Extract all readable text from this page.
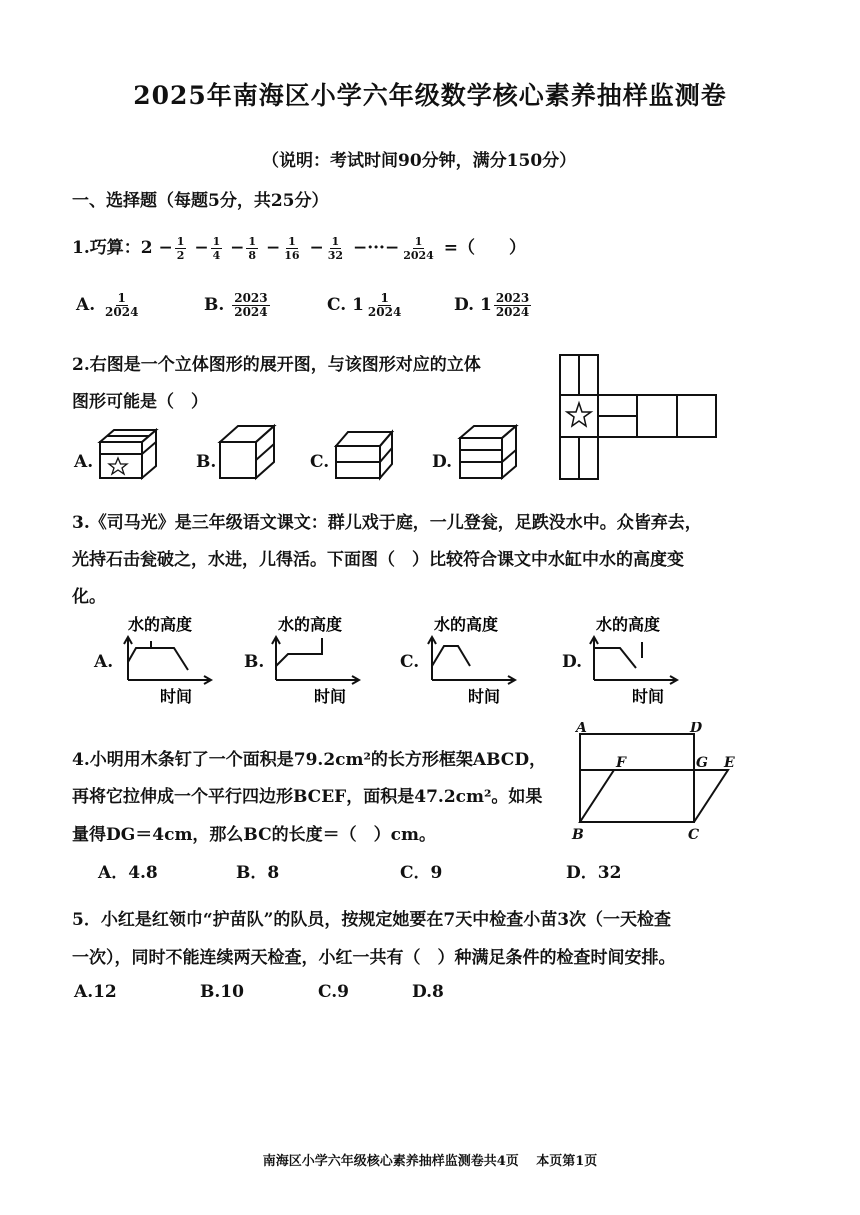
2025年南海区小学六年级数学核心素养抽样监测卷
（说明：考试时间90分钟，满分150分）
一、选择题（每题5分，共25分）
1.巧算：$2 - \frac{1}{2} - \frac{1}{4} - \frac{1}{8} - \frac{1}{16} - \frac{1}{32}$ −···− $\frac{1}{2024}$ =（　　）
A. $\frac{1}{2024}$	B. $\frac{2023}{2024}$	C. $1 \frac{1}{2024}$	D. $1 \frac{2023}{2024}$
2.右图是一个立体图形的展开图，与该图形对应的立体
图形可能是（　）
A.	B.	C.	D.
3.《司马光》是三年级语文课文：群儿戏于庭，一儿登瓮，足跌没水中。众皆弃去，
光持石击瓮破之，水进，儿得活。下面图（　）比较符合课文中水缸中水的高度变
化。
A.
水的高度
时间
B.
水的高度
时间
C.
水的高度
时间
D.
水的高度
时间
4.小明用木条钉了一个面积是79.2cm²的长方形框架ABCD，
再将它拉伸成一个平行四边形BCEF，面积是47.2cm²。如果
量得DG＝4cm，那么BC的长度＝（　）cm。
A	D
F	G E
B	C
A．4.8	B．8	C．9	D．32
5．小红是红领巾“护苗队”的队员，按规定她要在7天中检查小苗3次（一天检查
一次），同时不能连续两天检查，小红一共有（　）种满足条件的检查时间安排。
A.12	B.10	C.9	D.8
南海区小学六年级核心素养抽样监测卷共4页　 本页第1页
